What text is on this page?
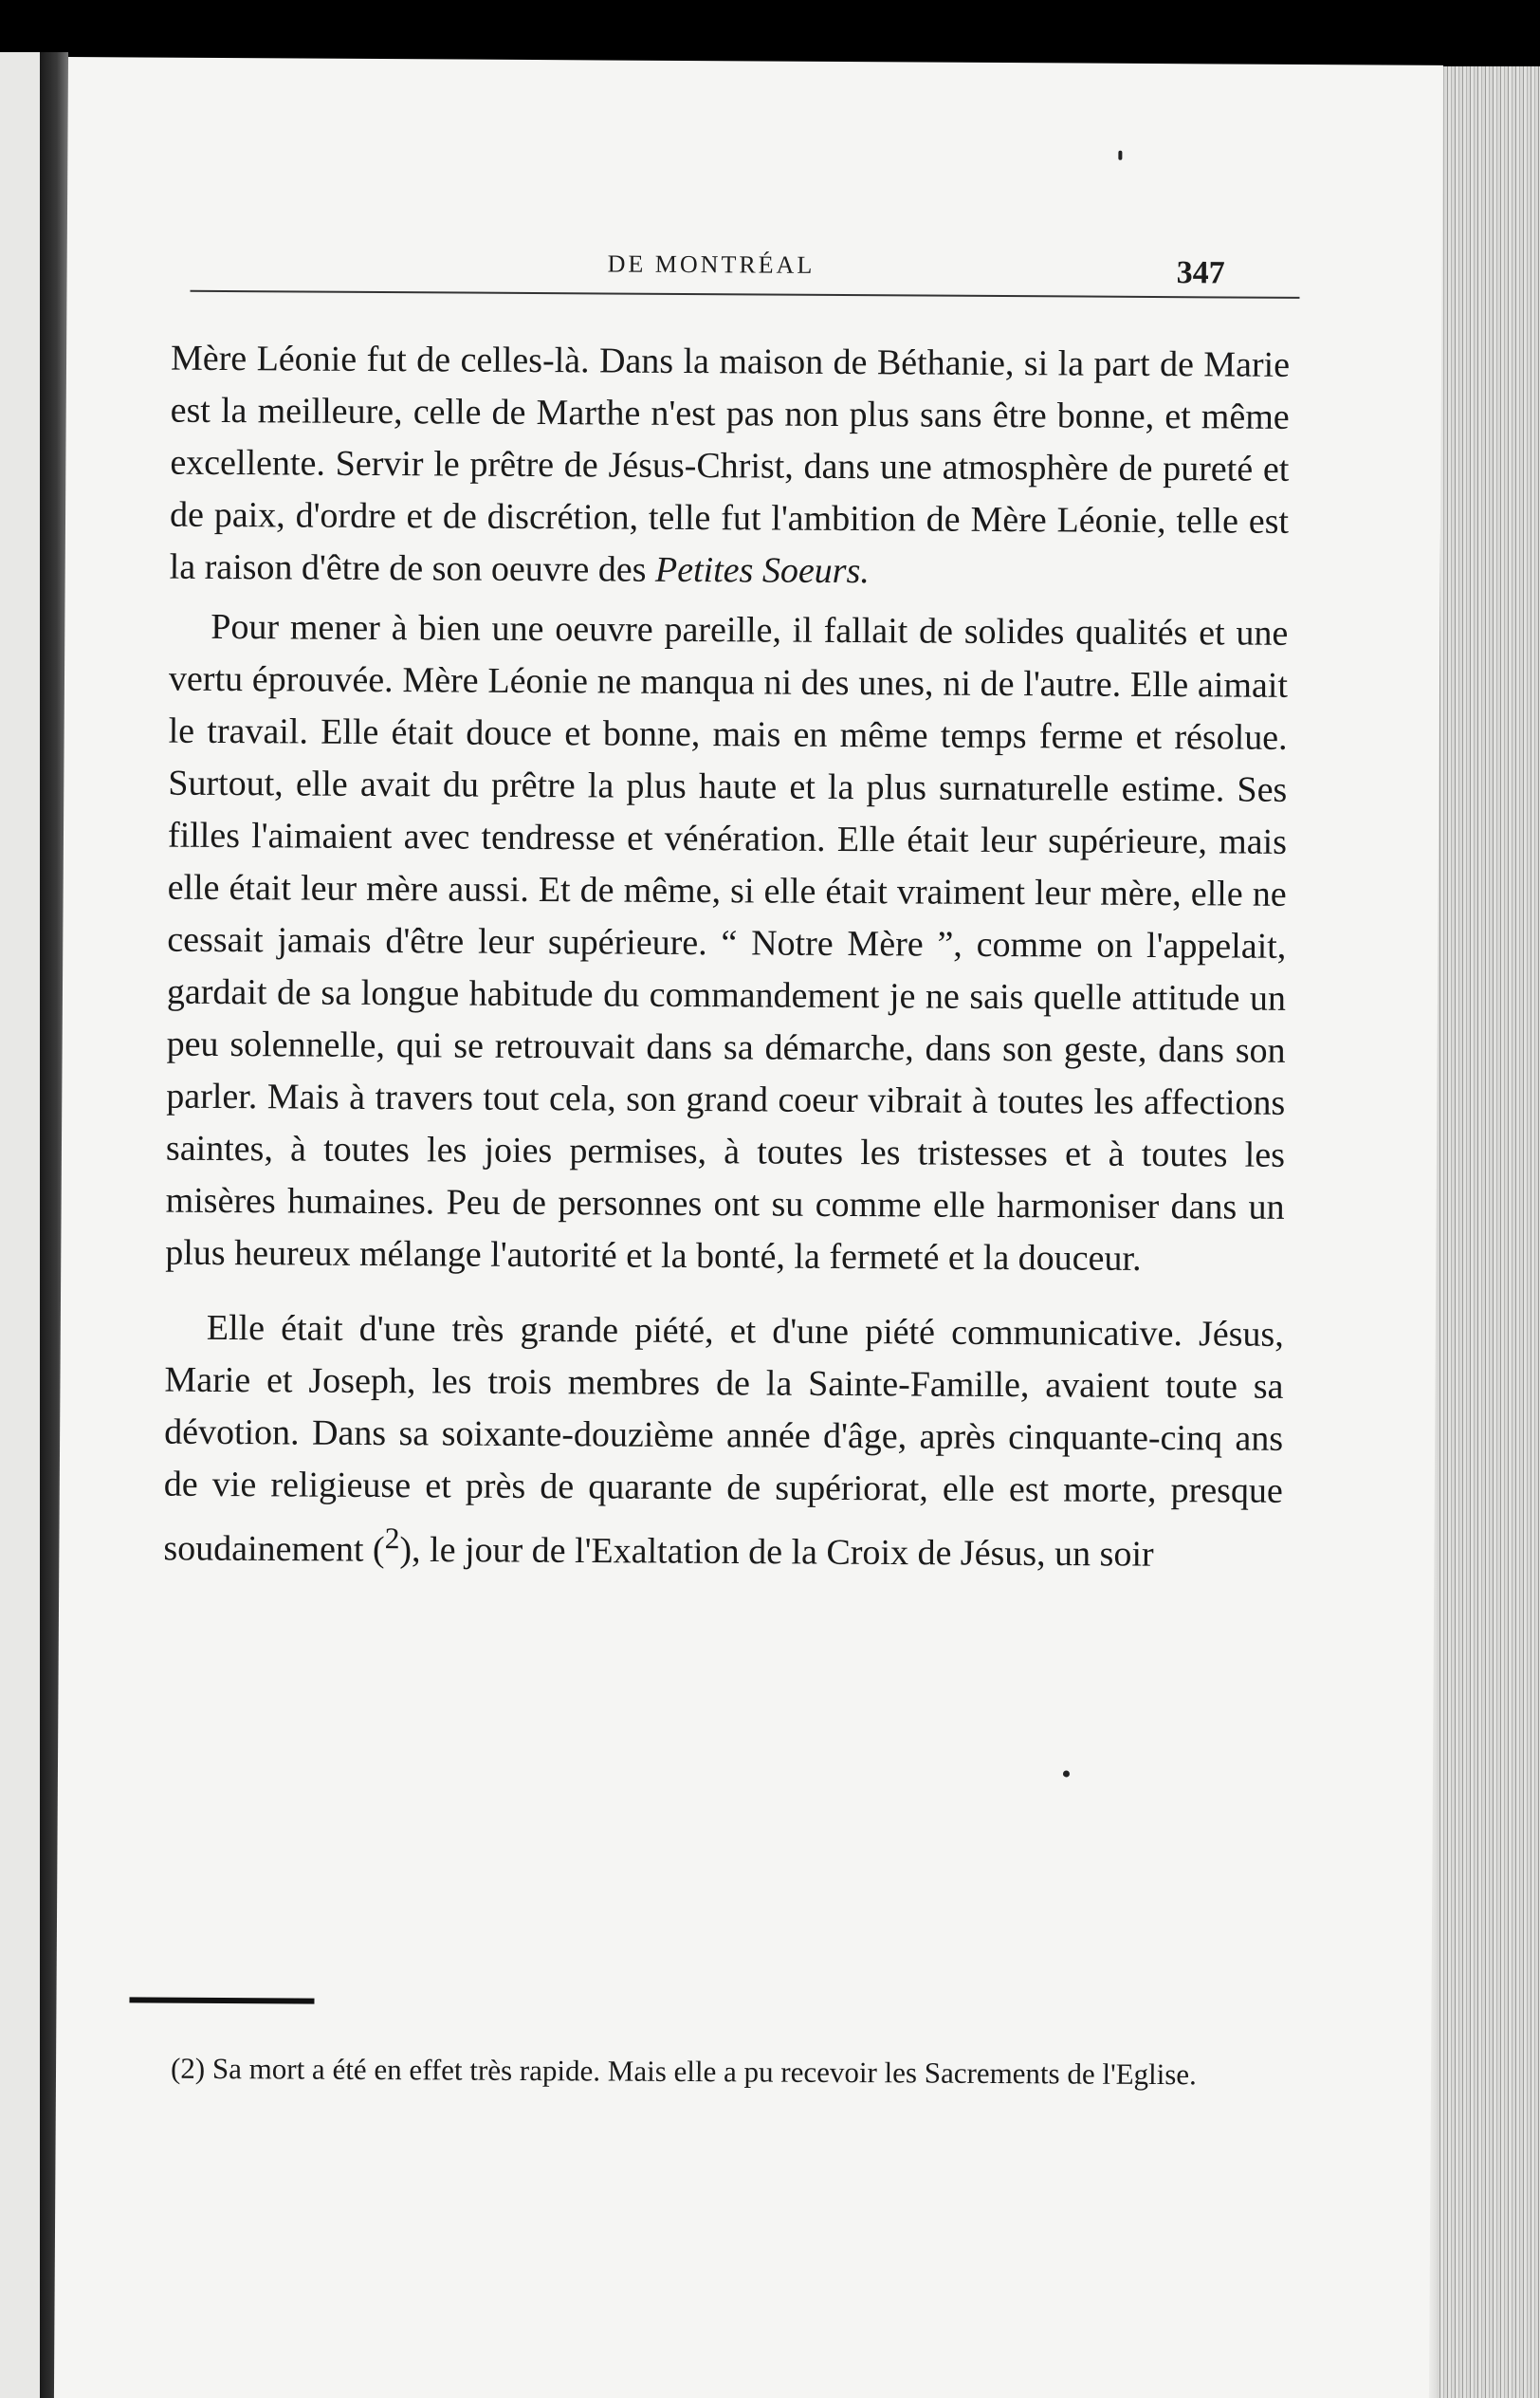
DE MONTRÉAL	347

Mère Léonie fut de celles-là. Dans la maison de Béthanie, si la part de Marie est la meilleure, celle de Marthe n'est pas non plus sans être bonne, et même excellente. Servir le prêtre de Jésus-Christ, dans une atmosphère de pureté et de paix, d'ordre et de discrétion, telle fut l'ambition de Mère Léonie, telle est la raison d'être de son oeuvre des Petites Soeurs.

Pour mener à bien une oeuvre pareille, il fallait de solides qualités et une vertu éprouvée. Mère Léonie ne manqua ni des unes, ni de l'autre. Elle aimait le travail. Elle était douce et bonne, mais en même temps ferme et résolue. Surtout, elle avait du prêtre la plus haute et la plus surnaturelle estime. Ses filles l'aimaient avec tendresse et vénération. Elle était leur supérieure, mais elle était leur mère aussi. Et de même, si elle était vraiment leur mère, elle ne cessait jamais d'être leur supérieure. “ Notre Mère ”, comme on l'appelait, gardait de sa longue habitude du commandement je ne sais quelle attitude un peu solennelle, qui se retrouvait dans sa démarche, dans son geste, dans son parler. Mais à travers tout cela, son grand coeur vibrait à toutes les affections saintes, à toutes les joies permises, à toutes les tristesses et à toutes les misères humaines. Peu de personnes ont su comme elle harmoniser dans un plus heureux mélange l'autorité et la bonté, la fermeté et la douceur.

Elle était d'une très grande piété, et d'une piété communicative. Jésus, Marie et Joseph, les trois membres de la Sainte-Famille, avaient toute sa dévotion. Dans sa soixante-douzième année d'âge, après cinquante-cinq ans de vie religieuse et près de quarante de supériorat, elle est morte, presque soudainement ($^2$), le jour de l'Exaltation de la Croix de Jésus, un soir

(2) Sa mort a été en effet très rapide. Mais elle a pu recevoir les Sacrements de l'Eglise.
